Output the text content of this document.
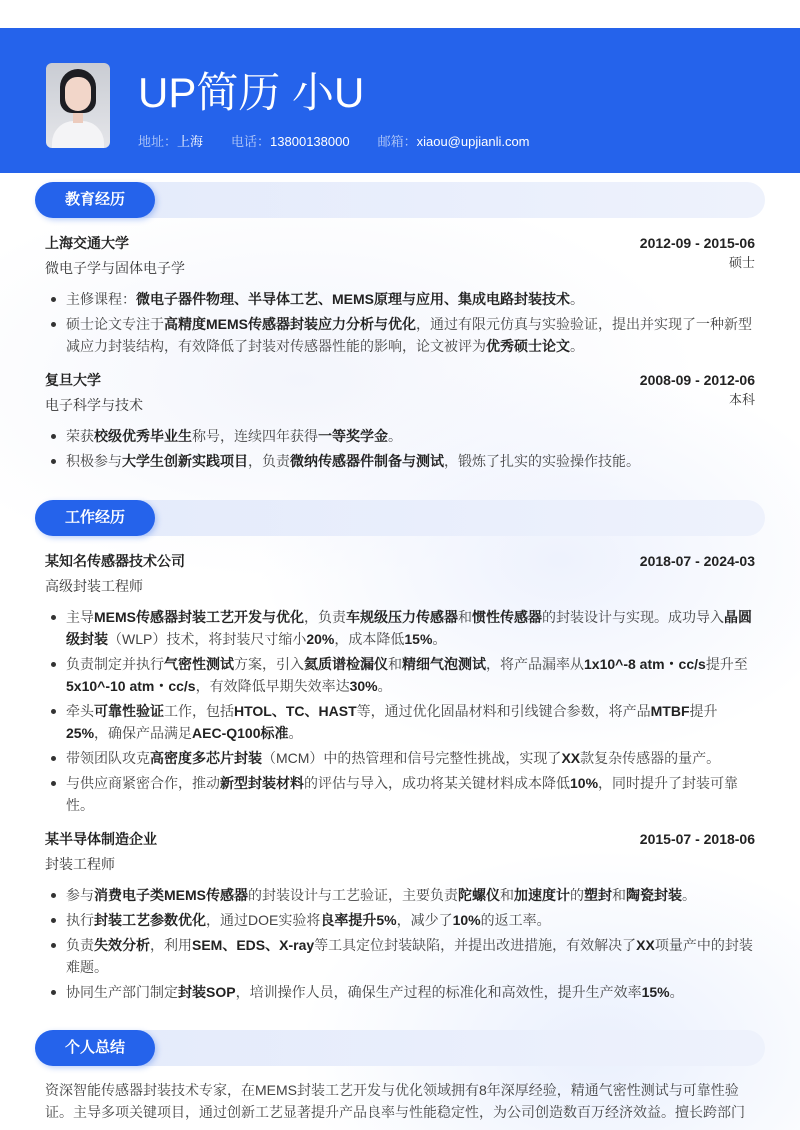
UP简历 小U
地址：上海 电话：13800138000 邮箱：xiaou@upjianli.com
教育经历
上海交通大学
微电子学与固体电子学
2012-09 - 2015-06
硕士
主修课程：微电子器件物理、半导体工艺、MEMS原理与应用、集成电路封装技术。
硕士论文专注于高精度MEMS传感器封装应力分析与优化，通过有限元仿真与实验验证，提出并实现了一种新型减应力封装结构，有效降低了封装对传感器性能的影响，论文被评为优秀硕士论文。
复旦大学
电子科学与技术
2008-09 - 2012-06
本科
荣获校级优秀毕业生称号，连续四年获得一等奖学金。
积极参与大学生创新实践项目，负责微纳传感器件制备与测试，锻炼了扎实的实验操作技能。
工作经历
某知名传感器技术公司
高级封装工程师
2018-07 - 2024-03
主导MEMS传感器封装工艺开发与优化，负责车规级压力传感器和惯性传感器的封装设计与实现。成功导入晶圆级封装（WLP）技术，将封装尺寸缩小20%，成本降低15%。
负责制定并执行气密性测试方案，引入氦质谱检漏仪和精细气泡测试，将产品漏率从1x10^-8 atm・cc/s提升至5x10^-10 atm・cc/s，有效降低早期失效率达30%。
牵头可靠性验证工作，包括HTOL、TC、HAST等，通过优化固晶材料和引线键合参数，将产品MTBF提升25%，确保产品满足AEC-Q100标准。
带领团队攻克高密度多芯片封装（MCM）中的热管理和信号完整性挑战，实现了XX款复杂传感器的量产。
与供应商紧密合作，推动新型封装材料的评估与导入，成功将某关键材料成本降低10%，同时提升了封装可靠性。
某半导体制造企业
封装工程师
2015-07 - 2018-06
参与消费电子类MEMS传感器的封装设计与工艺验证，主要负责陀螺仪和加速度计的塑封和陶瓷封装。
执行封装工艺参数优化，通过DOE实验将良率提升5%，减少了10%的返工率。
负责失效分析，利用SEM、EDS、X-ray等工具定位封装缺陷，并提出改进措施，有效解决了XX项量产中的封装难题。
协同生产部门制定封装SOP，培训操作人员，确保生产过程的标准化和高效性，提升生产效率15%。
个人总结
资深智能传感器封装技术专家，在MEMS封装工艺开发与优化领域拥有8年深厚经验，精通气密性测试与可靠性验证。主导多项关键项目，通过创新工艺显著提升产品良率与性能稳定性，为公司创造数百万经济效益。擅长跨部门
